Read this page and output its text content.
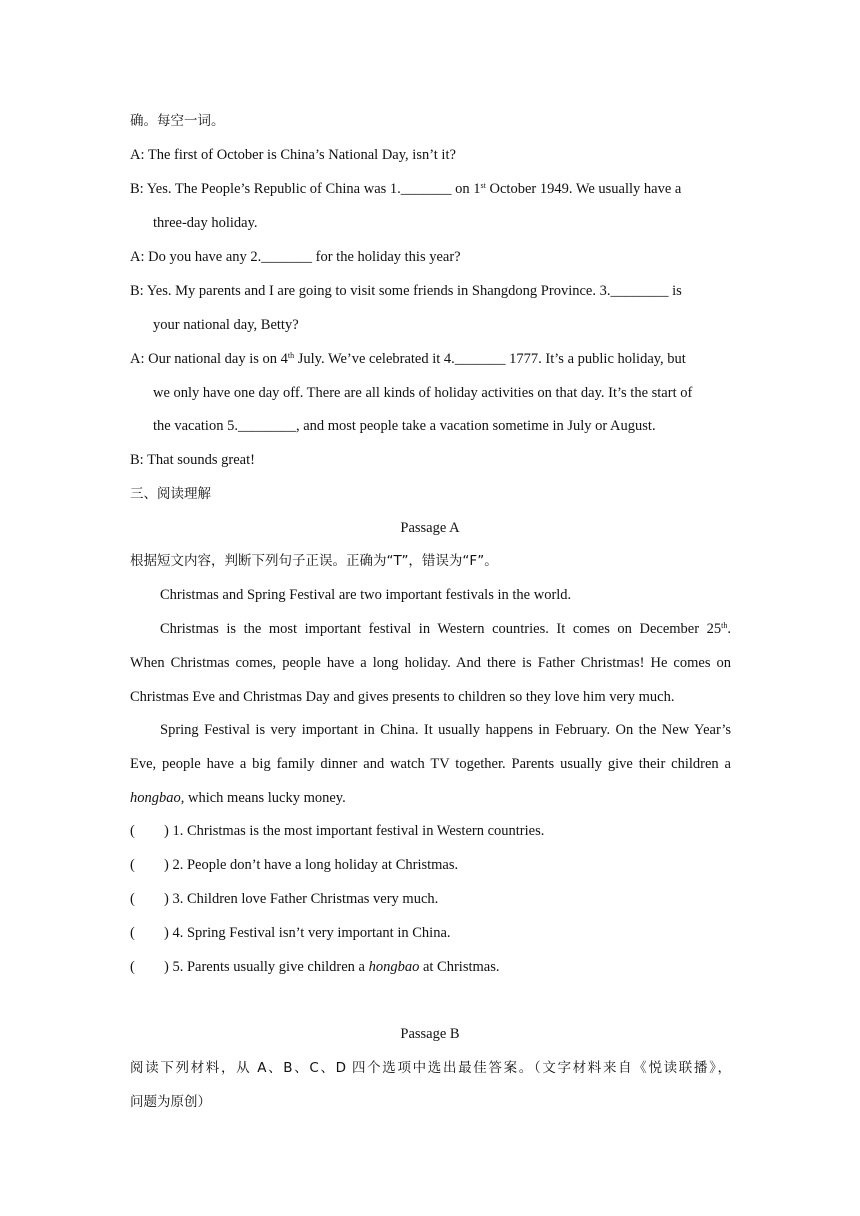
确。每空一词。
A: The first of October is China’s National Day, isn’t it?
B: Yes. The People’s Republic of China was 1._______ on 1st October 1949. We usually have a
three-day holiday.
A: Do you have any 2._______ for the holiday this year?
B: Yes. My parents and I are going to visit some friends in Shangdong Province. 3.________ is
your national day, Betty?
A: Our national day is on 4th July. We’ve celebrated it 4._______ 1777. It’s a public holiday, but
we only have one day off. There are all kinds of holiday activities on that day. It’s the start of
the vacation 5.________, and most people take a vacation sometime in July or August.
B: That sounds great!
三、阅读理解
Passage A
根据短文内容，判断下列句子正误。正确为“T”，错误为“F”。
Christmas and Spring Festival are two important festivals in the world.
Christmas is the most important festival in Western countries. It comes on December 25th.
When Christmas comes, people have a long holiday. And there is Father Christmas! He comes on
Christmas Eve and Christmas Day and gives presents to children so they love him very much.
Spring Festival is very important in China. It usually happens in February. On the New Year’s
Eve, people have a big family dinner and watch TV together. Parents usually give their children a
hongbao, which means lucky money.
( ) 1. Christmas is the most important festival in Western countries.
( ) 2. People don’t have a long holiday at Christmas.
( ) 3. Children love Father Christmas very much.
( ) 4. Spring Festival isn’t very important in China.
( ) 5. Parents usually give children a hongbao at Christmas.
Passage B
阅读下列材料，从 A、B、C、D 四个选项中选出最佳答案。（文字材料来自《悦读联播》，
问题为原创）
